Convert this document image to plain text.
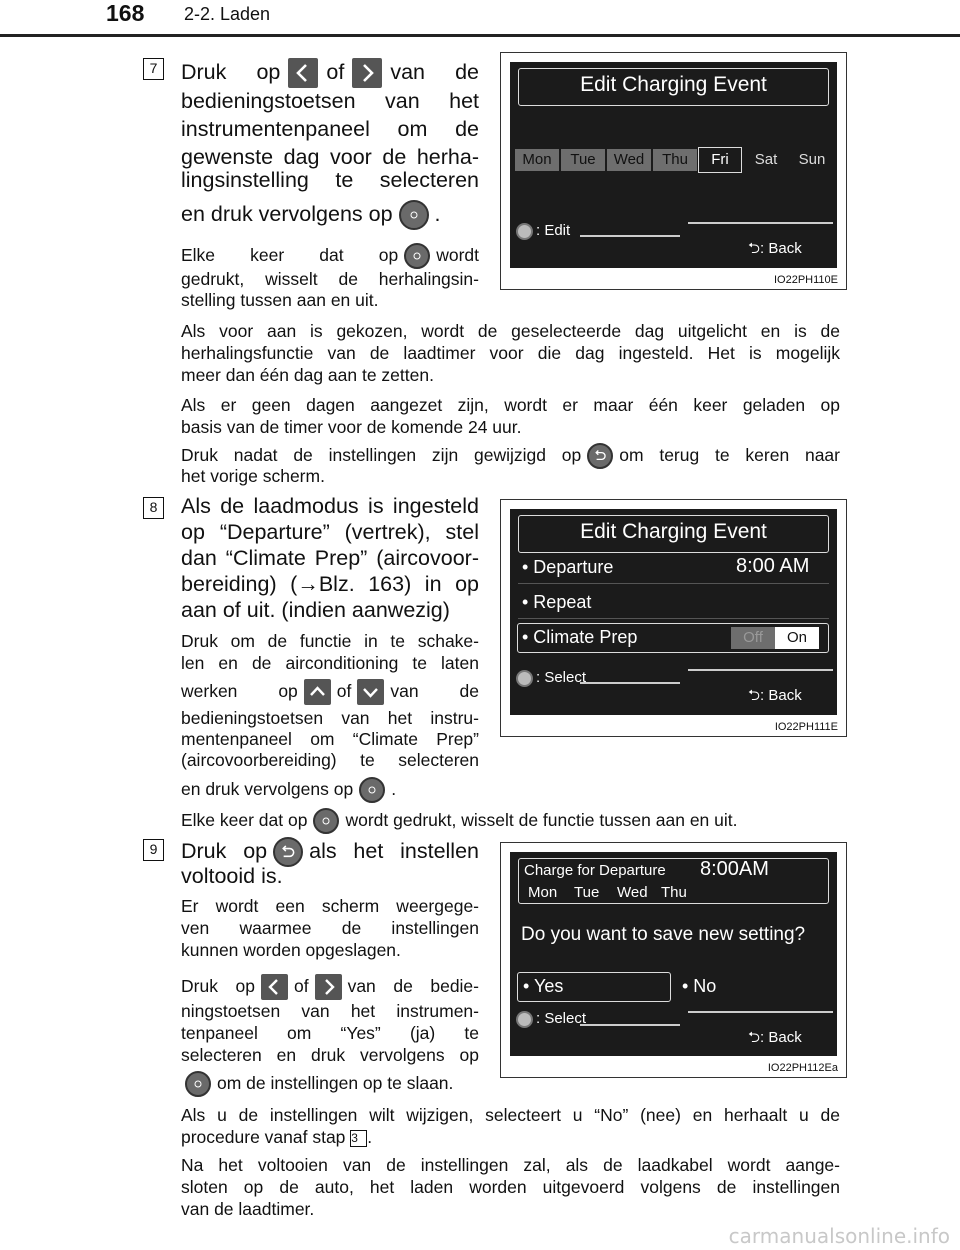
168 2-2. Laden
7	Druk op of van de
bedieningstoetsen van het
instrumentenpaneel om de
gewenste dag voor de herha-
lingsinstelling te selecteren
en druk vervolgens op .
Elke keer dat op wordt
gedrukt, wisselt de herhalingsin-
stelling tussen aan en uit.
Als voor aan is gekozen, wordt de geselecteerde dag uitgelicht en is de
herhalingsfunctie van de laadtimer voor die dag ingesteld. Het is mogelijk
meer dan één dag aan te zetten.
Als er geen dagen aangezet zijn, wordt er maar één keer geladen op
basis van de timer voor de komende 24 uur.
Druk nadat de instellingen zijn gewijzigd op om terug te keren naar
het vorige scherm.
Edit Charging Event
Mon	Tue	Wed	Thu	Fri	Sat	Sun
: Edit
⮌: Back
IO22PH110E
8	Als de laadmodus is ingesteld
op “Departure” (vertrek), stel
dan “Climate Prep” (aircovoor-
bereiding) (→Blz. 163) in op
aan of uit. (indien aanwezig)
Druk om de functie in te schake-
len en de airconditioning te laten
werken op of van de
bedieningstoetsen van het instru-
mentenpaneel om “Climate Prep”
(aircovoorbereiding) te selecteren
en druk vervolgens op .
Elke keer dat op wordt gedrukt, wisselt de functie tussen aan en uit.
Edit Charging Event
• Departure	8:00 AM
• Repeat
• Climate Prep	Off	On
: Select
⮌: Back
IO22PH111E
9	Druk op als het instellen
voltooid is.
Er wordt een scherm weergege-
ven waarmee de instellingen
kunnen worden opgeslagen.
Druk op of van de bedie-
ningstoetsen van het instrumen-
tenpaneel om “Yes” (ja) te
selecteren en druk vervolgens op
om de instellingen op te slaan.
Als u de instellingen wilt wijzigen, selecteert u “No” (nee) en herhaalt u de
procedure vanaf stap 3 .
Na het voltooien van de instellingen zal, als de laadkabel wordt aange-
sloten op de auto, het laden worden uitgevoerd volgens de instellingen
van de laadtimer.
Charge for Departure 8:00AM
Mon Tue Wed Thu
Do you want to save new setting?
• Yes	• No
: Select
⮌: Back
IO22PH112Ea
carmanualsonline.info
